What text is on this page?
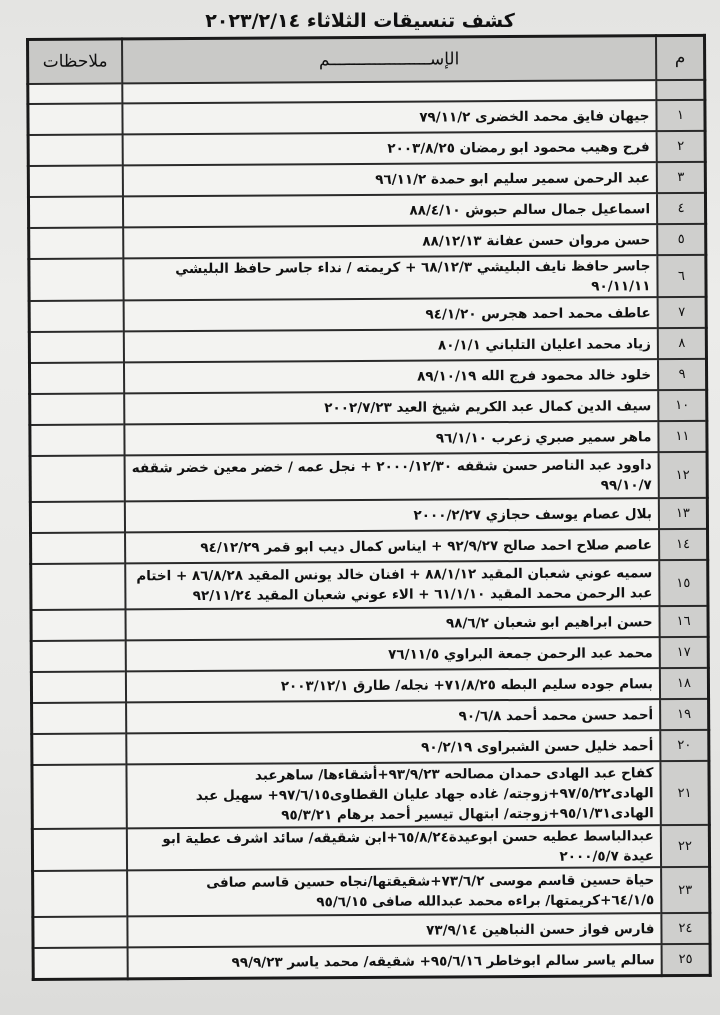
كشف تنسيقات الثلاثاء ٢٠٢٣/٢/١٤
م	الإســــــــــــــــــــم	ملاحظات

١	جيهان فايق محمد الخضرى ٧٩/١١/٢	
٢	فرح وهيب محمود ابو رمضان ٢٠٠٣/٨/٢٥	
٣	عبد الرحمن سمير سليم ابو حمدة ٩٦/١١/٢	
٤	اسماعيل جمال سالم حبوش ٨٨/٤/١٠	
٥	حسن مروان حسن عفانة ٨٨/١٢/١٣	
٦	جاسر حافظ نايف البليشي ٦٨/١٢/٣ + كريمته / نداء جاسر حافظ البليشي ٩٠/١١/١١	
٧	عاطف محمد احمد هجرس ٩٤/١/٢٠	
٨	زياد محمد اعليان التلباني ٨٠/١/١	
٩	خلود خالد محمود فرج الله ٨٩/١٠/١٩	
١٠	سيف الدين كمال عبد الكريم شيخ العيد ٢٠٠٢/٧/٢٣	
١١	ماهر سمير صبري زعرب ٩٦/١/١٠	
١٢	داوود عبد الناصر حسن شقفه ٢٠٠٠/١٢/٣٠ + نجل عمه / خضر معين خضر شقفه ٩٩/١٠/٧	
١٣	بلال عصام يوسف حجازي ٢٠٠٠/٢/٢٧	
١٤	عاصم صلاح احمد صالح ٩٢/٩/٢٧ + ايناس كمال ديب ابو قمر ٩٤/١٢/٢٩	
١٥	سميه عوني شعبان المقيد ٨٨/١/١٢ + افنان خالد يونس المقيد ٨٦/٨/٢٨ + اختام عبد الرحمن محمد المقيد ٦١/١/١٠ + الاء عوني شعبان المقيد ٩٢/١١/٢٤	
١٦	حسن ابراهيم ابو شعبان ٩٨/٦/٢	
١٧	محمد عبد الرحمن جمعة البراوي ٧٦/١١/٥	
١٨	بسام جوده سليم البطه ٧١/٨/٢٥+ نجله/ طارق ٢٠٠٣/١٢/١	
١٩	أحمد حسن محمد أحمد ٩٠/٦/٨	
٢٠	أحمد خليل حسن الشبراوى ٩٠/٢/١٩	
٢١	كفاح عبد الهادى حمدان مصالحه ٩٣/٩/٢٣+أشقاءها/ ساهرعبد الهادى٩٧/٥/٢٢+زوجته/ غاده جهاد عليان القطاوى٩٧/٦/١٥+ سهيل عبد الهادى٩٥/١/٣١+زوجته/ ابتهال تيسير أحمد برهام ٩٥/٣/٢١	
٢٢	عبدالباسط عطيه حسن ابوعيدة٦٥/٨/٢٤+ابن شقيقه/ سائد اشرف عطية ابو عيدة ٢٠٠٠/٥/٧	
٢٣	حياة حسين قاسم موسى ٧٣/٦/٢+شقيقتها/نجاه حسين قاسم صافى ٦٤/١/٥+كريمتها/ براءه محمد عبدالله صافى ٩٥/٦/١٥	
٢٤	فارس فواز حسن النباهين ٧٣/٩/١٤	
٢٥	سالم ياسر سالم ابوخاطر ٩٥/٦/١٦+ شقيقه/ محمد ياسر ٩٩/٩/٢٣	
